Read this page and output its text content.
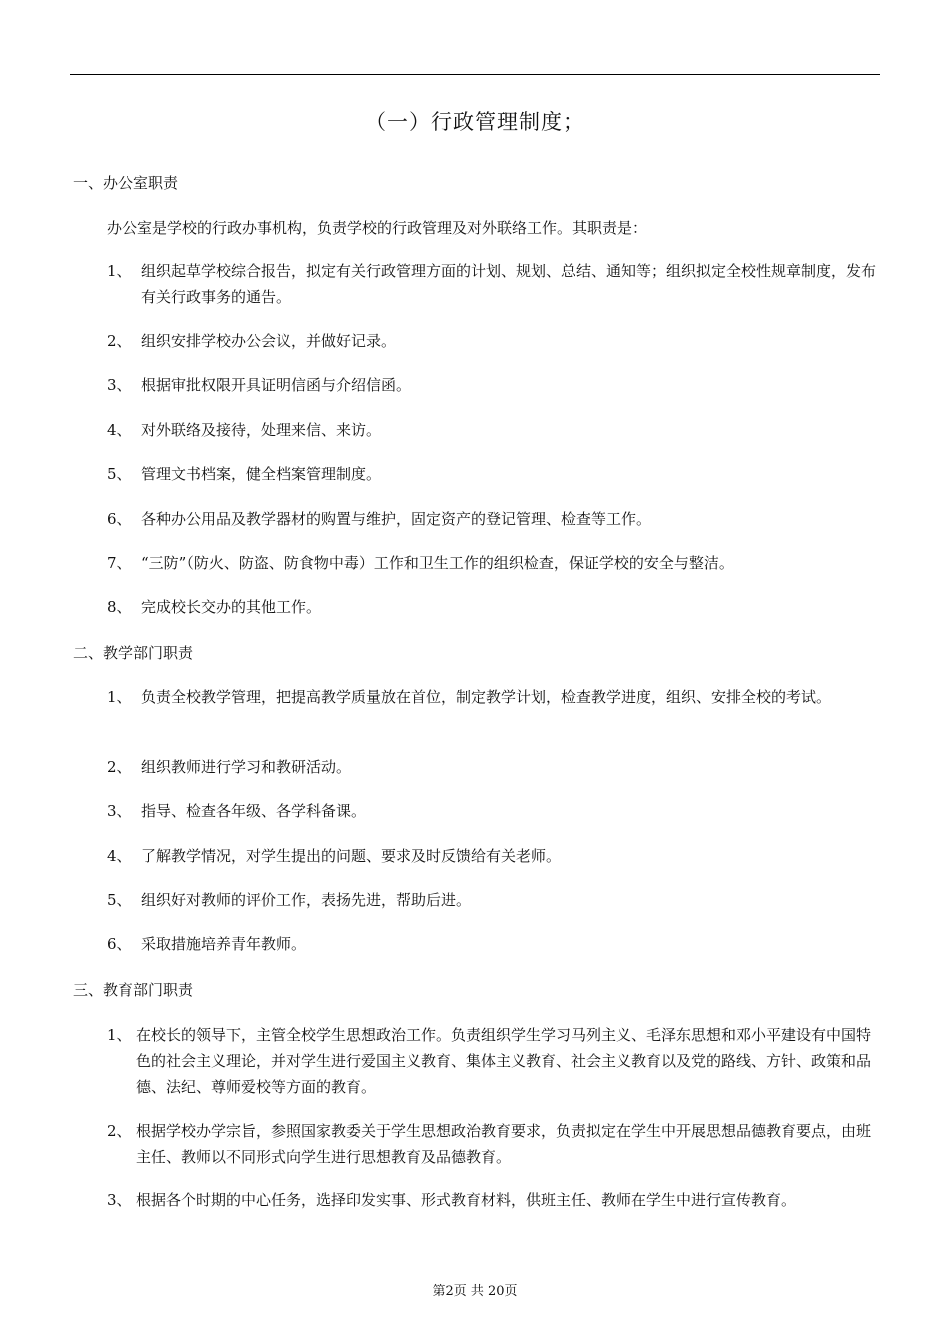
（一）行政管理制度；
一、办公室职责
办公室是学校的行政办事机构，负责学校的行政管理及对外联络工作。其职责是：
1、 组织起草学校综合报告，拟定有关行政管理方面的计划、规划、总结、通知等；组织拟定全校性规章制度，发布有关行政事务的通告。
2、 组织安排学校办公会议，并做好记录。
3、 根据审批权限开具证明信函与介绍信函。
4、 对外联络及接待，处理来信、来访。
5、 管理文书档案，健全档案管理制度。
6、 各种办公用品及教学器材的购置与维护，固定资产的登记管理、检查等工作。
7、 “三防”（防火、防盗、防食物中毒）工作和卫生工作的组织检查，保证学校的安全与整洁。
8、 完成校长交办的其他工作。
二、教学部门职责
1、 负责全校教学管理，把提高教学质量放在首位，制定教学计划，检查教学进度，组织、安排全校的考试。
2、 组织教师进行学习和教研活动。
3、 指导、检查各年级、各学科备课。
4、 了解教学情况，对学生提出的问题、要求及时反馈给有关老师。
5、 组织好对教师的评价工作，表扬先进，帮助后进。
6、 采取措施培养青年教师。
三、教育部门职责
1、 在校长的领导下，主管全校学生思想政治工作。负责组织学生学习马列主义、毛泽东思想和邓小平建设有中国特色的社会主义理论，并对学生进行爱国主义教育、集体主义教育、社会主义教育以及党的路线、方针、政策和品德、法纪、尊师爱校等方面的教育。
2、 根据学校办学宗旨，参照国家教委关于学生思想政治教育要求，负责拟定在学生中开展思想品德教育要点，由班主任、教师以不同形式向学生进行思想教育及品德教育。
3、 根据各个时期的中心任务，选择印发实事、形式教育材料，供班主任、教师在学生中进行宣传教育。
第2页 共 20页
